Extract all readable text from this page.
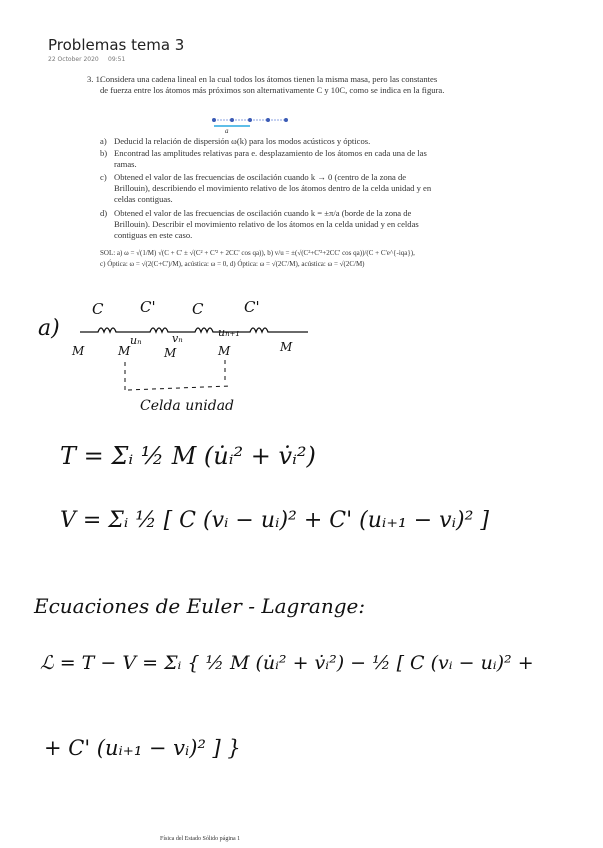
Problemas tema 3
22 October 2020 09:51
3. 1.
Considera una cadena lineal en la cual todos los átomos tienen la misma masa, pero las constantes de fuerza entre los átomos más próximos son alternativamente C y 10C, como se indica en la figura.
a
a) Deducid la relación de dispersión ω(k) para los modos acústicos y ópticos.
b) Encontrad las amplitudes relativas para e. desplazamiento de los átomos en cada una de las ramas.
c) Obtened el valor de las frecuencias de oscilación cuando k → 0 (centro de la zona de Brillouin), describiendo el movimiento relativo de los átomos dentro de la celda unidad y en celdas contiguas.
d) Obtened el valor de las frecuencias de oscilación cuando k = ±π/a (borde de la zona de Brillouin). Describir el movimiento relativo de los átomos en la celda unidad y en celdas contiguas en este caso.
SOL: a) ω = √(1/M) √(C + C' ± √(C² + C'² + 2CC' cos qa)), b) v/u = ±(√(C²+C'²+2CC' cos qa))/(C + C'e^{-iqa}),
c) Óptica: ω = √(2(C+C')/M), acústica: ω = 0, d) Óptica: ω = √(2C'/M), acústica: ω = √(2C/M)
a)
C C' C	C'
M	M	M	M	M
uₙ	vₙ	uₙ₊₁
Celda unidad
T = Σᵢ ½ M (u̇ᵢ² + v̇ᵢ²)
V = Σᵢ ½ [ C (vᵢ − uᵢ)² + C' (uᵢ₊₁ − vᵢ)² ]
Ecuaciones de Euler - Lagrange:
ℒ = T − V = Σᵢ { ½ M (u̇ᵢ² + v̇ᵢ²) − ½ [ C (vᵢ − uᵢ)² +
+ C' (uᵢ₊₁ − vᵢ)² ] }
Física del Estado Sólido página 1
